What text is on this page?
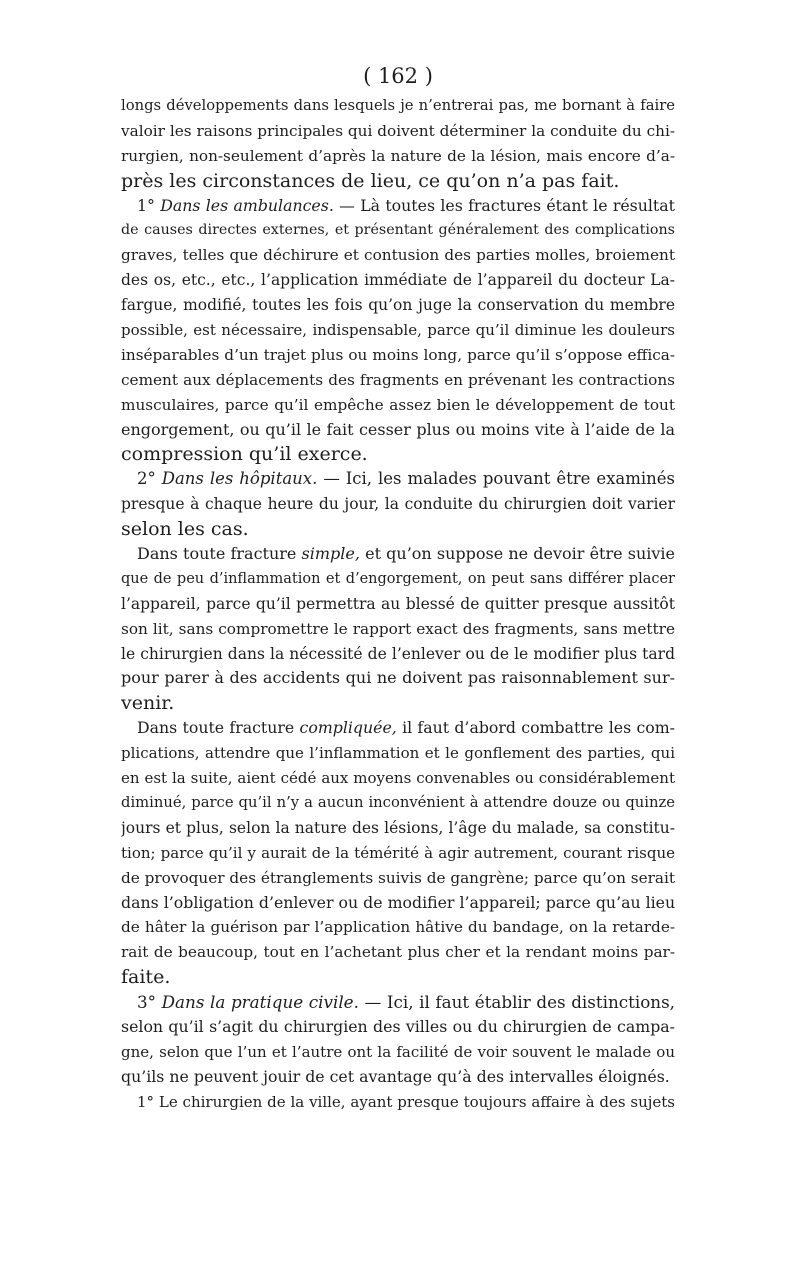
( 162 )
longs développements dans lesquels je n’entrerai pas, me bornant à faire
valoir les raisons principales qui doivent déterminer la conduite du chi-
rurgien, non-seulement d’après la nature de la lésion, mais encore d’a-
près les circonstances de lieu, ce qu’on n’a pas fait.
1° Dans les ambulances. — Là toutes les fractures étant le résultat
de causes directes externes, et présentant généralement des complications
graves, telles que déchirure et contusion des parties molles, broiement
des os, etc., etc., l’application immédiate de l’appareil du docteur La-
fargue, modifié, toutes les fois qu’on juge la conservation du membre
possible, est nécessaire, indispensable, parce qu’il diminue les douleurs
inséparables d’un trajet plus ou moins long, parce qu’il s’oppose effica-
cement aux déplacements des fragments en prévenant les contractions
musculaires, parce qu’il empêche assez bien le développement de tout
engorgement, ou qu’il le fait cesser plus ou moins vite à l’aide de la
compression qu’il exerce.
2° Dans les hôpitaux. — Ici, les malades pouvant être examinés
presque à chaque heure du jour, la conduite du chirurgien doit varier
selon les cas.
Dans toute fracture simple, et qu’on suppose ne devoir être suivie
que de peu d’inflammation et d’engorgement, on peut sans différer placer
l’appareil, parce qu’il permettra au blessé de quitter presque aussitôt
son lit, sans compromettre le rapport exact des fragments, sans mettre
le chirurgien dans la nécessité de l’enlever ou de le modifier plus tard
pour parer à des accidents qui ne doivent pas raisonnablement sur-
venir.
Dans toute fracture compliquée, il faut d’abord combattre les com-
plications, attendre que l’inflammation et le gonflement des parties, qui
en est la suite, aient cédé aux moyens convenables ou considérablement
diminué, parce qu’il n’y a aucun inconvénient à attendre douze ou quinze
jours et plus, selon la nature des lésions, l’âge du malade, sa constitu-
tion; parce qu’il y aurait de la témérité à agir autrement, courant risque
de provoquer des étranglements suivis de gangrène; parce qu’on serait
dans l’obligation d’enlever ou de modifier l’appareil; parce qu’au lieu
de hâter la guérison par l’application hâtive du bandage, on la retarde-
rait de beaucoup, tout en l’achetant plus cher et la rendant moins par-
faite.
3° Dans la pratique civile. — Ici, il faut établir des distinctions,
selon qu’il s’agit du chirurgien des villes ou du chirurgien de campa-
gne, selon que l’un et l’autre ont la facilité de voir souvent le malade ou
qu’ils ne peuvent jouir de cet avantage qu’à des intervalles éloignés.
1° Le chirurgien de la ville, ayant presque toujours affaire à des sujets
